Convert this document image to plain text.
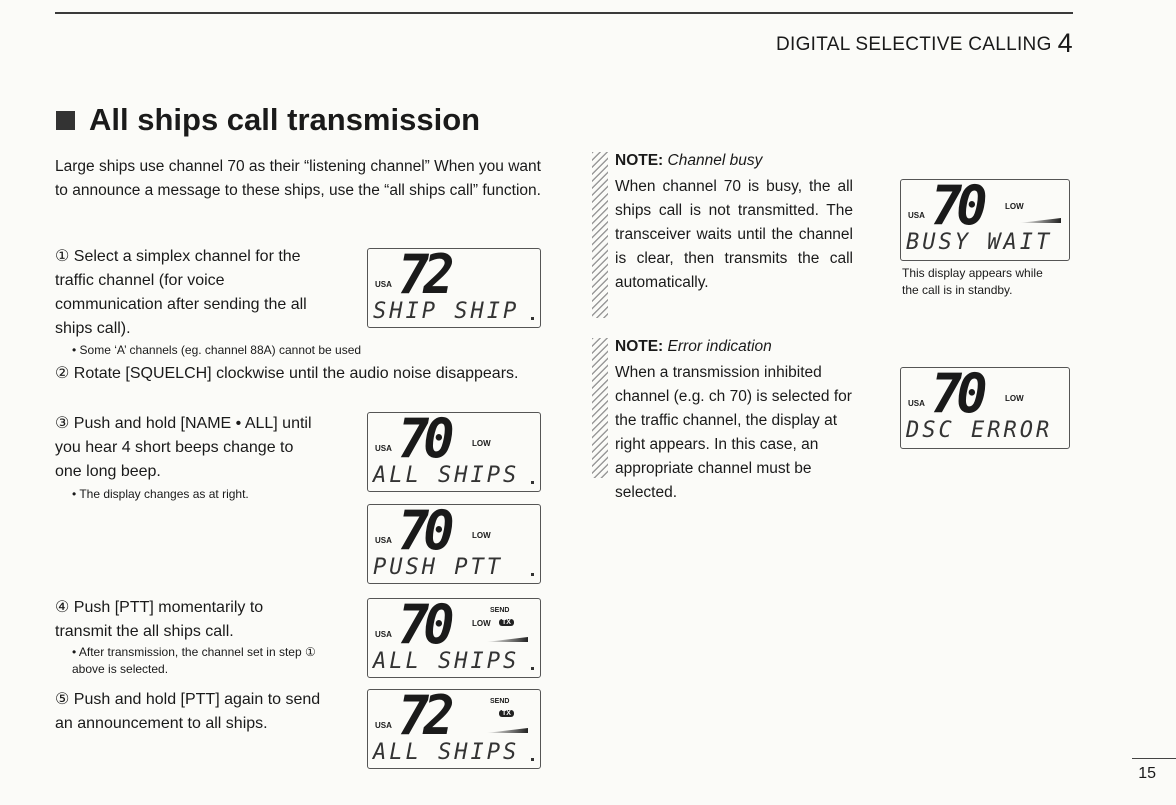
DIGITAL SELECTIVE CALLING 4
All ships call transmission
Large ships use channel 70 as their “listening channel” When you want to announce a message to these ships, use the “all ships call” function.
① Select a simplex channel for the traffic channel (for voice communication after sending the all ships call).
• Some ‘A’ channels (eg. channel 88A) cannot be used
② Rotate [SQUELCH] clockwise until the audio noise disappears.
③ Push and hold [NAME • ALL] until you hear 4 short beeps change to one long beep.
• The display changes as at right.
④ Push [PTT] momentarily to transmit the all ships call.
• After transmission, the channel set in step ① above is selected.
⑤ Push and hold [PTT] again to send an announcement to all ships.
USA 72
SHIP SHIP
USA 70	LOW
ALL SHIPS
USA 70	LOW
PUSH PTT
USA 70	SEND
LOW	TX
ALL SHIPS
USA 72	SEND
TX
ALL SHIPS
NOTE: Channel busy
When channel 70 is busy, the all ships call is not transmitted. The transceiver waits until the channel is clear, then transmits the call automatically.
USA 70	LOW
BUSY WAIT
This display appears while the call is in standby.
NOTE: Error indication
When a transmission inhibited channel (e.g. ch 70) is selected for the traffic channel, the display at right appears. In this case, an appropriate channel must be selected.
USA 70	LOW
DSC ERROR
15
